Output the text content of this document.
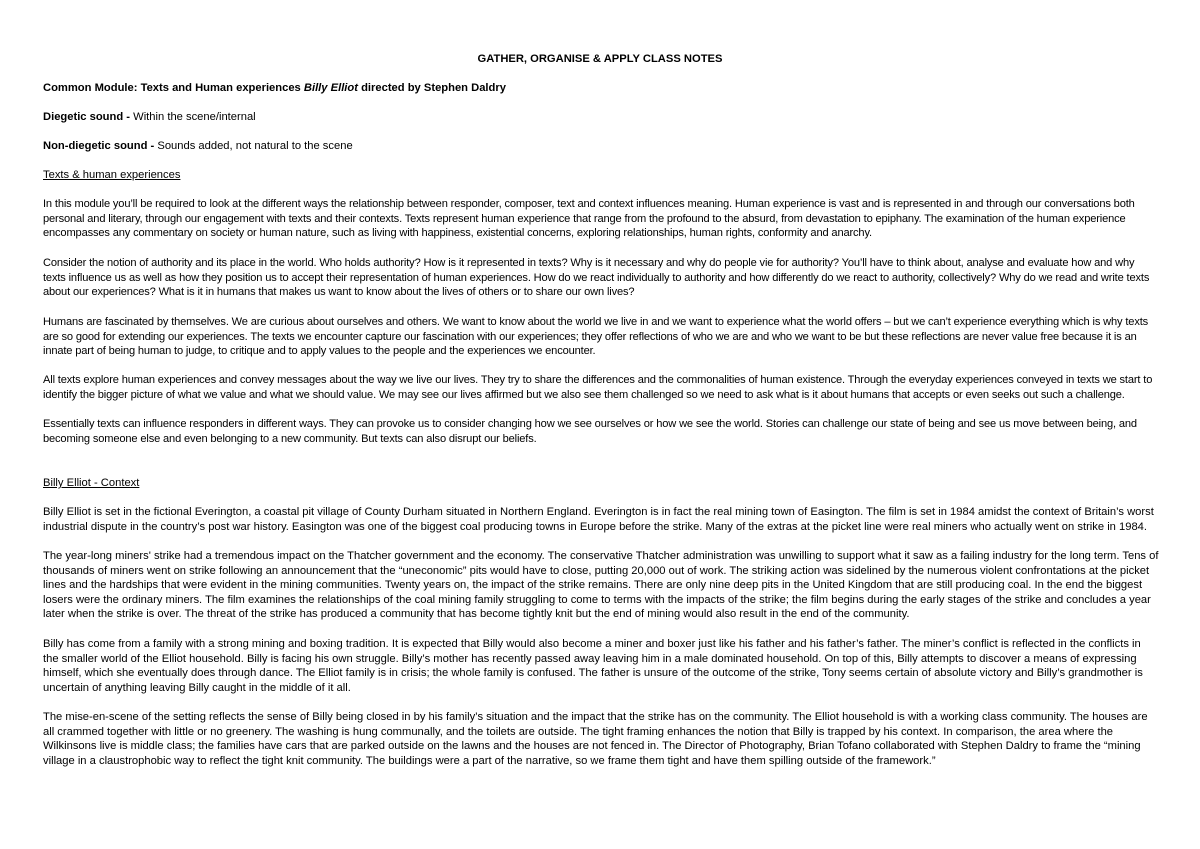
GATHER, ORGANISE & APPLY CLASS NOTES
Common Module: Texts and Human experiences Billy Elliot directed by Stephen Daldry
Diegetic sound - Within the scene/internal
Non-diegetic sound - Sounds added, not natural to the scene
Texts & human experiences

In this module you’ll be required to look at the different ways the relationship between responder, composer, text and context influences meaning. Human experience is vast and is represented in and through our conversations both personal and literary, through our engagement with texts and their contexts. Texts represent human experience that range from the profound to the absurd, from devastation to epiphany. The examination of the human experience encompasses any commentary on society or human nature, such as living with happiness, existential concerns, exploring relationships, human rights, conformity and anarchy.

Consider the notion of authority and its place in the world. Who holds authority? How is it represented in texts? Why is it necessary and why do people vie for authority? You’ll have to think about, analyse and evaluate how and why texts influence us as well as how they position us to accept their representation of human experiences. How do we react individually to authority and how differently do we react to authority, collectively? Why do we read and write texts about our experiences? What is it in humans that makes us want to know about the lives of others or to share our own lives?

Humans are fascinated by themselves. We are curious about ourselves and others. We want to know about the world we live in and we want to experience what the world offers – but we can’t experience everything which is why texts are so good for extending our experiences. The texts we encounter capture our fascination with our experiences; they offer reflections of who we are and who we want to be but these reflections are never value free because it is an innate part of being human to judge, to critique and to apply values to the people and the experiences we encounter.

All texts explore human experiences and convey messages about the way we live our lives. They try to share the differences and the commonalities of human existence. Through the everyday experiences conveyed in texts we start to identify the bigger picture of what we value and what we should value. We may see our lives affirmed but we also see them challenged so we need to ask what is it about humans that accepts or even seeks out such a challenge.

Essentially texts can influence responders in different ways. They can provoke us to consider changing how we see ourselves or how we see the world. Stories can challenge our state of being and see us move between being, and becoming someone else and even belonging to a new community. But texts can also disrupt our beliefs.

Billy Elliot - Context

Billy Elliot is set in the fictional Everington, a coastal pit village of County Durham situated in Northern England. Everington is in fact the real mining town of Easington. The film is set in 1984 amidst the context of Britain’s worst industrial dispute in the country’s post war history. Easington was one of the biggest coal producing towns in Europe before the strike. Many of the extras at the picket line were real miners who actually went on strike in 1984.

The year-long miners' strike had a tremendous impact on the Thatcher government and the economy. The conservative Thatcher administration was unwilling to support what it saw as a failing industry for the long term. Tens of thousands of miners went on strike following an announcement that the “uneconomic” pits would have to close, putting 20,000 out of work. The striking action was sidelined by the numerous violent confrontations at the picket lines and the hardships that were evident in the mining communities. Twenty years on, the impact of the strike remains. There are only nine deep pits in the United Kingdom that are still producing coal. In the end the biggest losers were the ordinary miners. The film examines the relationships of the coal mining family struggling to come to terms with the impacts of the strike; the film begins during the early stages of the strike and concludes a year later when the strike is over. The threat of the strike has produced a community that has become tightly knit but the end of mining would also result in the end of the community.

Billy has come from a family with a strong mining and boxing tradition. It is expected that Billy would also become a miner and boxer just like his father and his father’s father. The miner’s conflict is reflected in the conflicts in the smaller world of the Elliot household. Billy is facing his own struggle. Billy’s mother has recently passed away leaving him in a male dominated household. On top of this, Billy attempts to discover a means of expressing himself, which she eventually does through dance. The Elliot family is in crisis; the whole family is confused. The father is unsure of the outcome of the strike, Tony seems certain of absolute victory and Billy’s grandmother is uncertain of anything leaving Billy caught in the middle of it all.

The mise-en-scene of the setting reflects the sense of Billy being closed in by his family’s situation and the impact that the strike has on the community. The Elliot household is with a working class community. The houses are all crammed together with little or no greenery. The washing is hung communally, and the toilets are outside. The tight framing enhances the notion that Billy is trapped by his context. In comparison, the area where the Wilkinsons live is middle class; the families have cars that are parked outside on the lawns and the houses are not fenced in. The Director of Photography, Brian Tofano collaborated with Stephen Daldry to frame the “mining village in a claustrophobic way to reflect the tight knit community. The buildings were a part of the narrative, so we frame them tight and have them spilling outside of the framework.”
